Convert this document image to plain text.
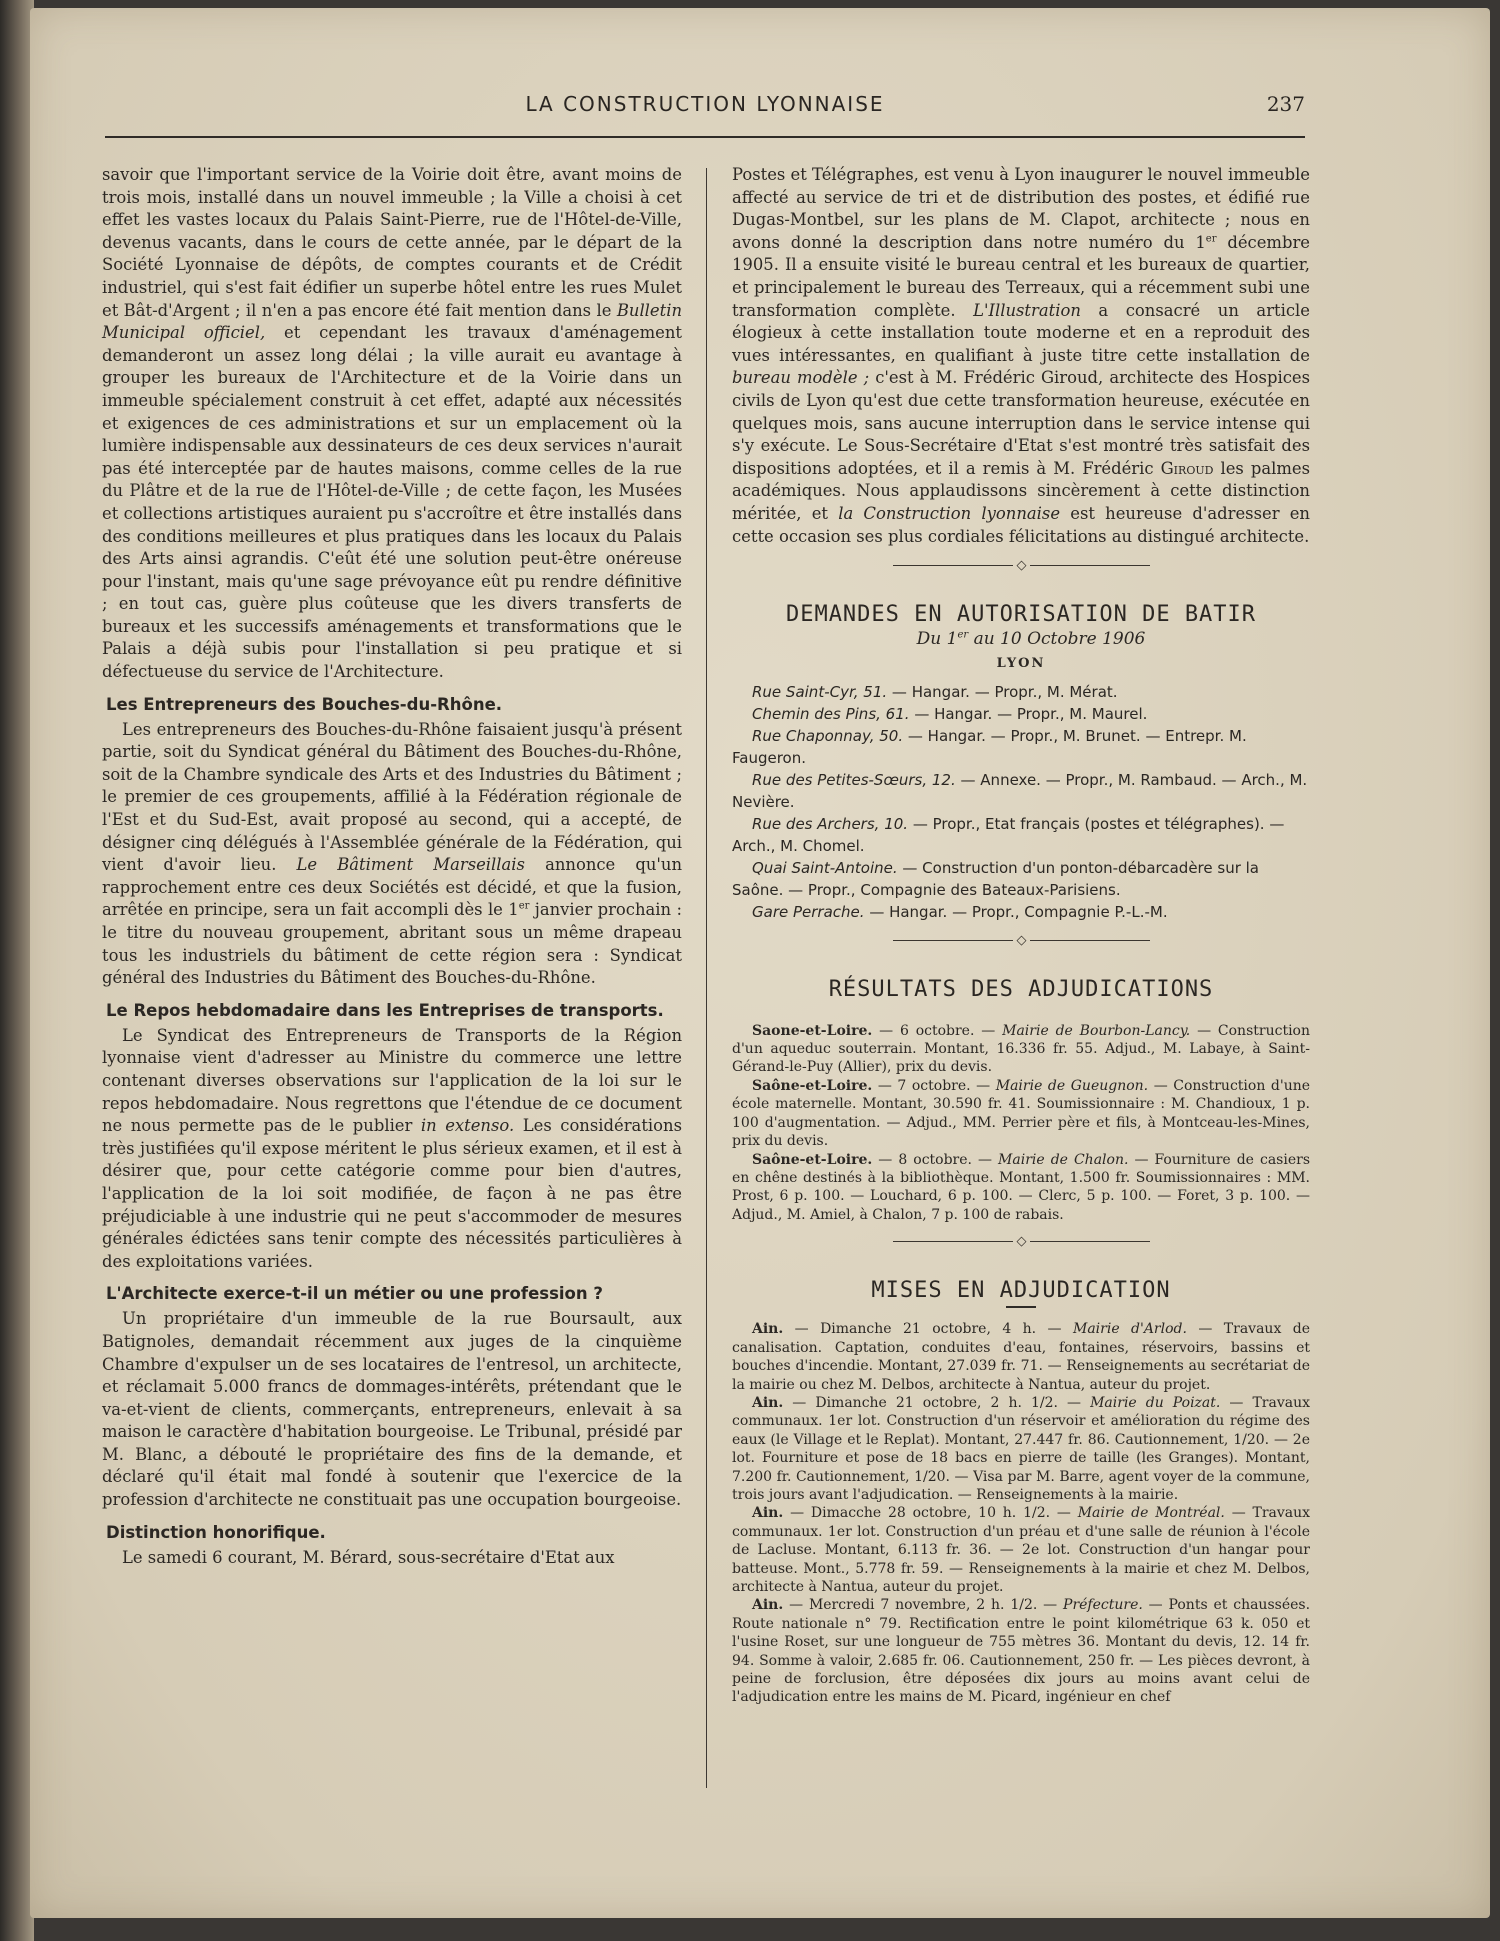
LA CONSTRUCTION LYONNAISE	237

savoir que l'important service de la Voirie doit être, avant moins de trois mois, installé dans un nouvel immeuble ; la Ville a choisi à cet effet les vastes locaux du Palais Saint-Pierre, rue de l'Hôtel-de-Ville, devenus vacants, dans le cours de cette année, par le départ de la Société Lyonnaise de dépôts, de comptes courants et de Crédit industriel, qui s'est fait édifier un superbe hôtel entre les rues Mulet et Bât-d'Argent ; il n'en a pas encore été fait mention dans le Bulletin Municipal officiel, et cependant les travaux d'aménagement demanderont un assez long délai ; la ville aurait eu avantage à grouper les bureaux de l'Architecture et de la Voirie dans un immeuble spécialement construit à cet effet, adapté aux nécessités et exigences de ces administrations et sur un emplacement où la lumière indispensable aux dessinateurs de ces deux services n'aurait pas été interceptée par de hautes maisons, comme celles de la rue du Plâtre et de la rue de l'Hôtel-de-Ville ; de cette façon, les Musées et collections artistiques auraient pu s'accroître et être installés dans des conditions meilleures et plus pratiques dans les locaux du Palais des Arts ainsi agrandis. C'eût été une solution peut-être onéreuse pour l'instant, mais qu'une sage prévoyance eût pu rendre définitive ; en tout cas, guère plus coûteuse que les divers transferts de bureaux et les successifs aménagements et transformations que le Palais a déjà subis pour l'installation si peu pratique et si défectueuse du service de l'Architecture.

Les Entrepreneurs des Bouches-du-Rhône.

Les entrepreneurs des Bouches-du-Rhône faisaient jusqu'à présent partie, soit du Syndicat général du Bâtiment des Bouches-du-Rhône, soit de la Chambre syndicale des Arts et des Industries du Bâtiment ; le premier de ces groupements, affilié à la Fédération régionale de l'Est et du Sud-Est, avait proposé au second, qui a accepté, de désigner cinq délégués à l'Assemblée générale de la Fédération, qui vient d'avoir lieu. Le Bâtiment Marseillais annonce qu'un rapprochement entre ces deux Sociétés est décidé, et que la fusion, arrêtée en principe, sera un fait accompli dès le 1er janvier prochain : le titre du nouveau groupement, abritant sous un même drapeau tous les industriels du bâtiment de cette région sera : Syndicat général des Industries du Bâtiment des Bouches-du-Rhône.

Le Repos hebdomadaire dans les Entreprises de transports.

Le Syndicat des Entrepreneurs de Transports de la Région lyonnaise vient d'adresser au Ministre du commerce une lettre contenant diverses observations sur l'application de la loi sur le repos hebdomadaire. Nous regrettons que l'étendue de ce document ne nous permette pas de le publier in extenso. Les considérations très justifiées qu'il expose méritent le plus sérieux examen, et il est à désirer que, pour cette catégorie comme pour bien d'autres, l'application de la loi soit modifiée, de façon à ne pas être préjudiciable à une industrie qui ne peut s'accommoder de mesures générales édictées sans tenir compte des nécessités particulières à des exploitations variées.

L'Architecte exerce-t-il un métier ou une profession ?

Un propriétaire d'un immeuble de la rue Boursault, aux Batignoles, demandait récemment aux juges de la cinquième Chambre d'expulser un de ses locataires de l'entresol, un architecte, et réclamait 5.000 francs de dommages-intérêts, prétendant que le va-et-vient de clients, commerçants, entrepreneurs, enlevait à sa maison le caractère d'habitation bourgeoise. Le Tribunal, présidé par M. Blanc, a débouté le propriétaire des fins de la demande, et déclaré qu'il était mal fondé à soutenir que l'exercice de la profession d'architecte ne constituait pas une occupation bourgeoise.

Distinction honorifique.

Le samedi 6 courant, M. Bérard, sous-secrétaire d'Etat aux

Postes et Télégraphes, est venu à Lyon inaugurer le nouvel immeuble affecté au service de tri et de distribution des postes, et édifié rue Dugas-Montbel, sur les plans de M. Clapot, architecte ; nous en avons donné la description dans notre numéro du 1er décembre 1905. Il a ensuite visité le bureau central et les bureaux de quartier, et principalement le bureau des Terreaux, qui a récemment subi une transformation complète. L'Illustration a consacré un article élogieux à cette installation toute moderne et en a reproduit des vues intéressantes, en qualifiant à juste titre cette installation de bureau modèle ; c'est à M. Frédéric Giroud, architecte des Hospices civils de Lyon qu'est due cette transformation heureuse, exécutée en quelques mois, sans aucune interruption dans le service intense qui s'y exécute. Le Sous-Secrétaire d'Etat s'est montré très satisfait des dispositions adoptées, et il a remis à M. Frédéric Giroud les palmes académiques. Nous applaudissons sincèrement à cette distinction méritée, et la Construction lyonnaise est heureuse d'adresser en cette occasion ses plus cordiales félicitations au distingué architecte.

◇
DEMANDES EN AUTORISATION DE BATIR

Du 1er au 10 Octobre 1906

LYON

Rue Saint-Cyr, 51. — Hangar. — Propr., M. Mérat.

Chemin des Pins, 61. — Hangar. — Propr., M. Maurel.

Rue Chaponnay, 50. — Hangar. — Propr., M. Brunet. — Entrepr. M. Faugeron.

Rue des Petites-Sœurs, 12. — Annexe. — Propr., M. Rambaud. — Arch., M. Nevière.

Rue des Archers, 10. — Propr., Etat français (postes et télégraphes). — Arch., M. Chomel.

Quai Saint-Antoine. — Construction d'un ponton-débarcadère sur la Saône. — Propr., Compagnie des Bateaux-Parisiens.

Gare Perrache. — Hangar. — Propr., Compagnie P.-L.-M.

◇
RÉSULTATS DES ADJUDICATIONS

Saone-et-Loire. — 6 octobre. — Mairie de Bourbon-Lancy. — Construction d'un aqueduc souterrain. Montant, 16.336 fr. 55. Adjud., M. Labaye, à Saint-Gérand-le-Puy (Allier), prix du devis.

Saône-et-Loire. — 7 octobre. — Mairie de Gueugnon. — Construction d'une école maternelle. Montant, 30.590 fr. 41. Soumissionnaire : M. Chandioux, 1 p. 100 d'augmentation. — Adjud., MM. Perrier père et fils, à Montceau-les-Mines, prix du devis.

Saône-et-Loire. — 8 octobre. — Mairie de Chalon. — Fourniture de casiers en chêne destinés à la bibliothèque. Montant, 1.500 fr. Soumissionnaires : MM. Prost, 6 p. 100. — Louchard, 6 p. 100. — Clerc, 5 p. 100. — Foret, 3 p. 100. — Adjud., M. Amiel, à Chalon, 7 p. 100 de rabais.

◇
MISES EN ADJUDICATION

Ain. — Dimanche 21 octobre, 4 h. — Mairie d'Arlod. — Travaux de canalisation. Captation, conduites d'eau, fontaines, réservoirs, bassins et bouches d'incendie. Montant, 27.039 fr. 71. — Renseignements au secrétariat de la mairie ou chez M. Delbos, architecte à Nantua, auteur du projet.

Ain. — Dimanche 21 octobre, 2 h. 1/2. — Mairie du Poizat. — Travaux communaux. 1er lot. Construction d'un réservoir et amélioration du régime des eaux (le Village et le Replat). Montant, 27.447 fr. 86. Cautionnement, 1/20. — 2e lot. Fourniture et pose de 18 bacs en pierre de taille (les Granges). Montant, 7.200 fr. Cautionnement, 1/20. — Visa par M. Barre, agent voyer de la commune, trois jours avant l'adjudication. — Renseignements à la mairie.

Ain. — Dimacche 28 octobre, 10 h. 1/2. — Mairie de Montréal. — Travaux communaux. 1er lot. Construction d'un préau et d'une salle de réunion à l'école de Lacluse. Montant, 6.113 fr. 36. — 2e lot. Construction d'un hangar pour batteuse. Mont., 5.778 fr. 59. — Renseignements à la mairie et chez M. Delbos, architecte à Nantua, auteur du projet.

Ain. — Mercredi 7 novembre, 2 h. 1/2. — Préfecture. — Ponts et chaussées. Route nationale n° 79. Rectification entre le point kilométrique 63 k. 050 et l'usine Roset, sur une longueur de 755 mètres 36. Montant du devis, 12. 14 fr. 94. Somme à valoir, 2.685 fr. 06. Cautionnement, 250 fr. — Les pièces devront, à peine de forclusion, être déposées dix jours au moins avant celui de l'adjudication entre les mains de M. Picard, ingénieur en chef
